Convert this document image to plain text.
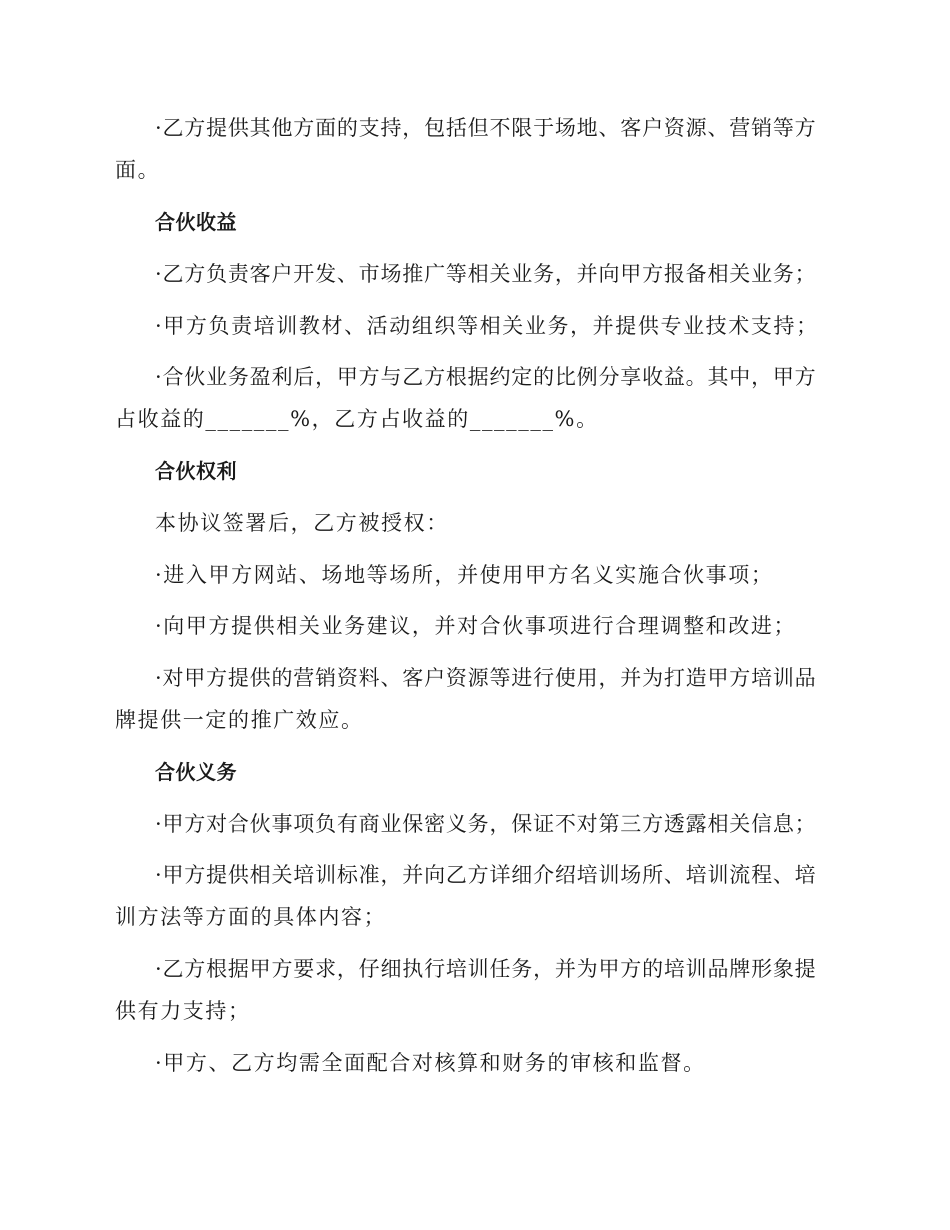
·乙方提供其他方面的支持，包括但不限于场地、客户资源、营销等方
面。
合伙收益
·乙方负责客户开发、市场推广等相关业务，并向甲方报备相关业务；
·甲方负责培训教材、活动组织等相关业务，并提供专业技术支持；
·合伙业务盈利后，甲方与乙方根据约定的比例分享收益。其中，甲方
占收益的_______%，乙方占收益的_______%。
合伙权利
本协议签署后，乙方被授权：
·进入甲方网站、场地等场所，并使用甲方名义实施合伙事项；
·向甲方提供相关业务建议，并对合伙事项进行合理调整和改进；
·对甲方提供的营销资料、客户资源等进行使用，并为打造甲方培训品
牌提供一定的推广效应。
合伙义务
·甲方对合伙事项负有商业保密义务，保证不对第三方透露相关信息；
·甲方提供相关培训标准，并向乙方详细介绍培训场所、培训流程、培
训方法等方面的具体内容；
·乙方根据甲方要求，仔细执行培训任务，并为甲方的培训品牌形象提
供有力支持；
·甲方、乙方均需全面配合对核算和财务的审核和监督。
